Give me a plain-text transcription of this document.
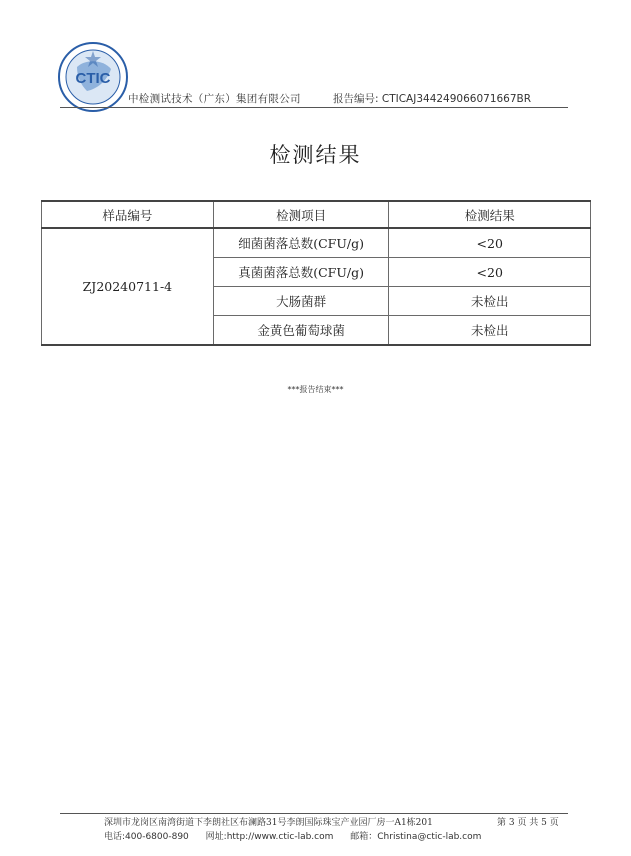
CTIC
中检测试技术（广东）集团有限公司	报告编号: CTICAJ344249066071667BR
检测结果
样品编号	检测项目	检测结果
ZJ20240711-4	细菌菌落总数(CFU/g)	<20
	真菌菌落总数(CFU/g)	<20
	大肠菌群	未检出
	金黄色葡萄球菌	未检出
***报告结束***
深圳市龙岗区南湾街道下李朗社区布澜路31号李朗国际珠宝产业园厂房一A1栋201	第 3 页 共 5 页
电话:400-6800-890 网址:http://www.ctic-lab.com 邮箱：Christina@ctic-lab.com
